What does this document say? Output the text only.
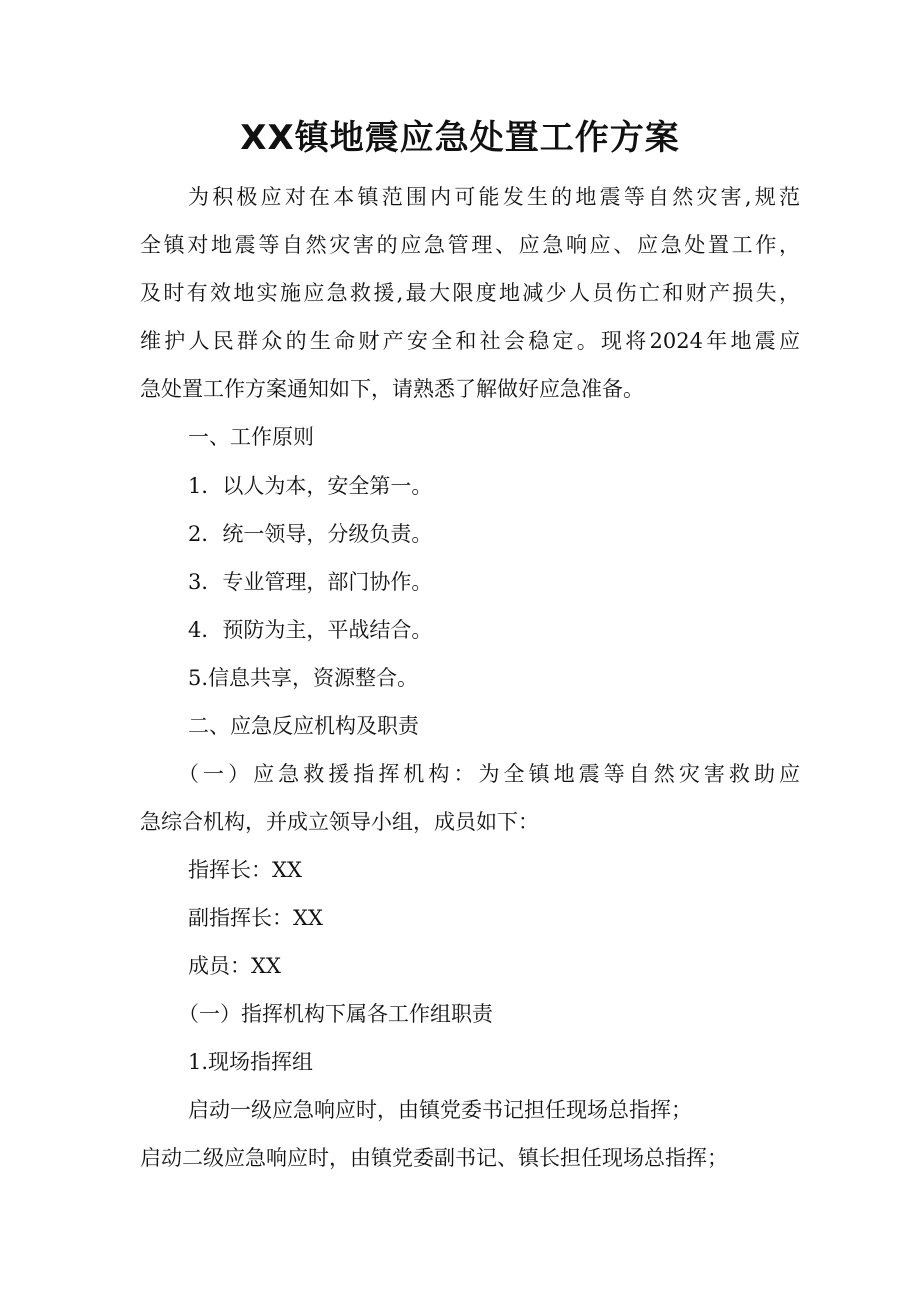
XX镇地震应急处置工作方案

为积极应对在本镇范围内可能发生的地震等自然灾害,规范

全镇对地震等自然灾害的应急管理、应急响应、应急处置工作，

及时有效地实施应急救援,最大限度地减少人员伤亡和财产损失，

维护人民群众的生命财产安全和社会稳定。现将2024年地震应

急处置工作方案通知如下，请熟悉了解做好应急准备。

一、工作原则

1．以人为本，安全第一。

2．统一领导，分级负责。

3．专业管理，部门协作。

4．预防为主，平战结合。

5.信息共享，资源整合。

二、应急反应机构及职责

（一）应急救援指挥机构：为全镇地震等自然灾害救助应

急综合机构，并成立领导小组，成员如下：

指挥长：XX

副指挥长：XX

成员：XX

（一）指挥机构下属各工作组职责

1.现场指挥组

启动一级应急响应时，由镇党委书记担任现场总指挥；

启动二级应急响应时，由镇党委副书记、镇长担任现场总指挥；
